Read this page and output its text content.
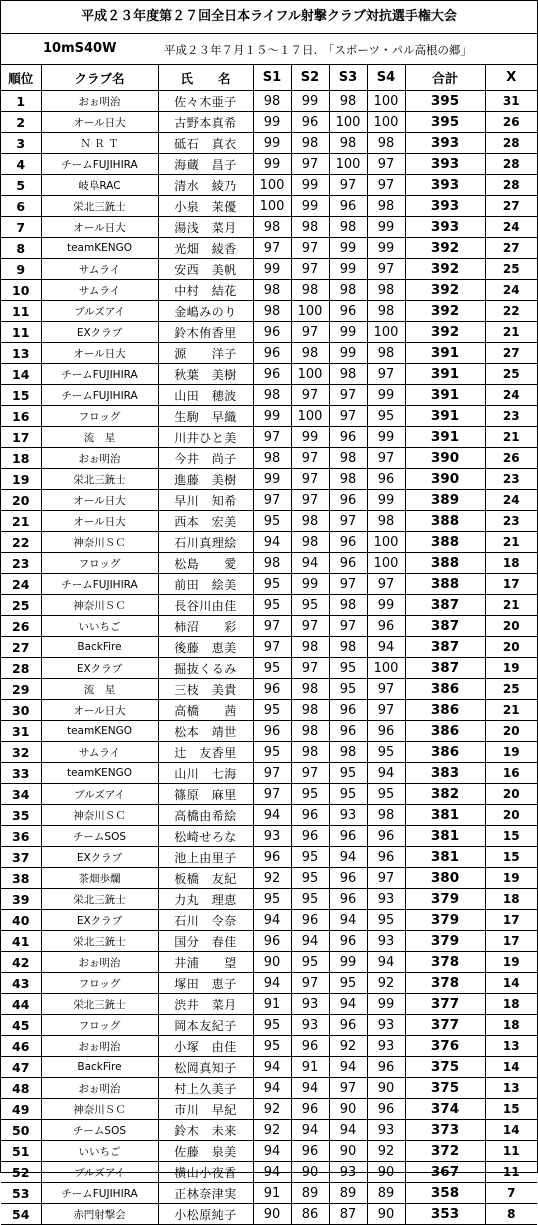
平成２３年度第２７回全日本ライフル射撃クラブ対抗選手権大会
10mS40W	平成２３年７月１５～１７日.　「スポーツ・パル高根の郷」
順位	クラブ名	氏　　名	S1	S2	S3	S4	合計	X
1	おぉ明治	佐々木亜子	98	99	98	100	395	31
2	オール日大	古野本真希	99	96	100	100	395	26
3	Ｎ Ｒ Ｔ	砥石　真衣	99	98	98	98	393	28
4	チームFUJIHIRA	海蔵　昌子	99	97	100	97	393	28
5	岐阜RAC	清水　綾乃	100	99	97	97	393	28
6	栄北三銃士	小泉　茉優	100	99	96	98	393	27
7	オール日大	湯浅　菜月	98	98	98	99	393	24
8	teamKENGO	光畑　綾香	97	97	99	99	392	27
9	サムライ	安西　美帆	99	97	99	97	392	25
10	サムライ	中村　結花	98	98	98	98	392	24
11	ブルズアイ	金嶋みのり	98	100	96	98	392	22
11	EXクラブ	鈴木侑香里	96	97	99	100	392	21
13	オール日大	源　　洋子	96	98	99	98	391	27
14	チームFUJIHIRA	秋葉　美樹	96	100	98	97	391	25
15	チームFUJIHIRA	山田　穂波	98	97	97	99	391	24
16	フロッグ	生駒　早織	99	100	97	95	391	23
17	流　星	川井ひと美	97	99	96	99	391	21
18	おぉ明治	今井　尚子	98	97	98	97	390	26
19	栄北三銃士	進藤　美樹	99	97	98	96	390	23
20	オール日大	早川　知希	97	97	96	99	389	24
21	オール日大	西本　宏美	95	98	97	98	388	23
22	神奈川ＳＣ	石川真理絵	94	98	96	100	388	21
23	フロッグ	松島　　愛	98	94	96	100	388	18
24	チームFUJIHIRA	前田　絵美	95	99	97	97	388	17
25	神奈川ＳＣ	長谷川由佳	95	95	98	99	387	21
26	いいちご	柿沼　　彩	97	97	97	96	387	20
27	BackFire	後藤　恵美	97	98	98	94	387	20
28	EXクラブ	掘抜くるみ	95	97	95	100	387	19
29	流　星	三枝　美貴	96	98	95	97	386	25
30	オール日大	高橋　　茜	95	98	96	97	386	21
31	teamKENGO	松本　靖世	96	98	96	96	386	20
32	サムライ	辻　友香里	95	98	98	95	386	19
33	teamKENGO	山川　七海	97	97	95	94	383	16
34	ブルズアイ	篠原　麻里	97	95	95	95	382	20
35	神奈川ＳＣ	高橋由希絵	94	96	93	98	381	20
36	チームSOS	松崎せろな	93	96	96	96	381	15
37	EXクラブ	池上由里子	96	95	94	96	381	15
38	茶畑歩爛	板橋　友紀	92	95	96	97	380	19
39	栄北三銃士	力丸　理恵	95	95	96	93	379	18
40	EXクラブ	石川　令奈	94	96	94	95	379	17
41	栄北三銃士	国分　春佳	96	94	96	93	379	17
42	おぉ明治	井浦　　望	90	95	99	94	378	19
43	フロッグ	塚田　恵子	94	97	95	92	378	14
44	栄北三銃士	渋井　菜月	91	93	94	99	377	18
45	フロッグ	岡本友紀子	95	93	96	93	377	18
46	おぉ明治	小塚　由佳	95	96	92	93	376	13
47	BackFire	松岡真知子	94	91	94	96	375	14
48	おぉ明治	村上久美子	94	94	97	90	375	13
49	神奈川ＳＣ	市川　早紀	92	96	90	96	374	15
50	チームSOS	鈴木　未来	92	94	94	93	373	14
51	いいちご	佐藤　泉美	94	96	90	92	372	11
52	ブルズアイ	横山小夜香	94	90	93	90	367	11
53	チームFUJIHIRA	正林奈津実	91	89	89	89	358	7
54	赤門射撃会	小松原純子	90	86	87	90	353	8
